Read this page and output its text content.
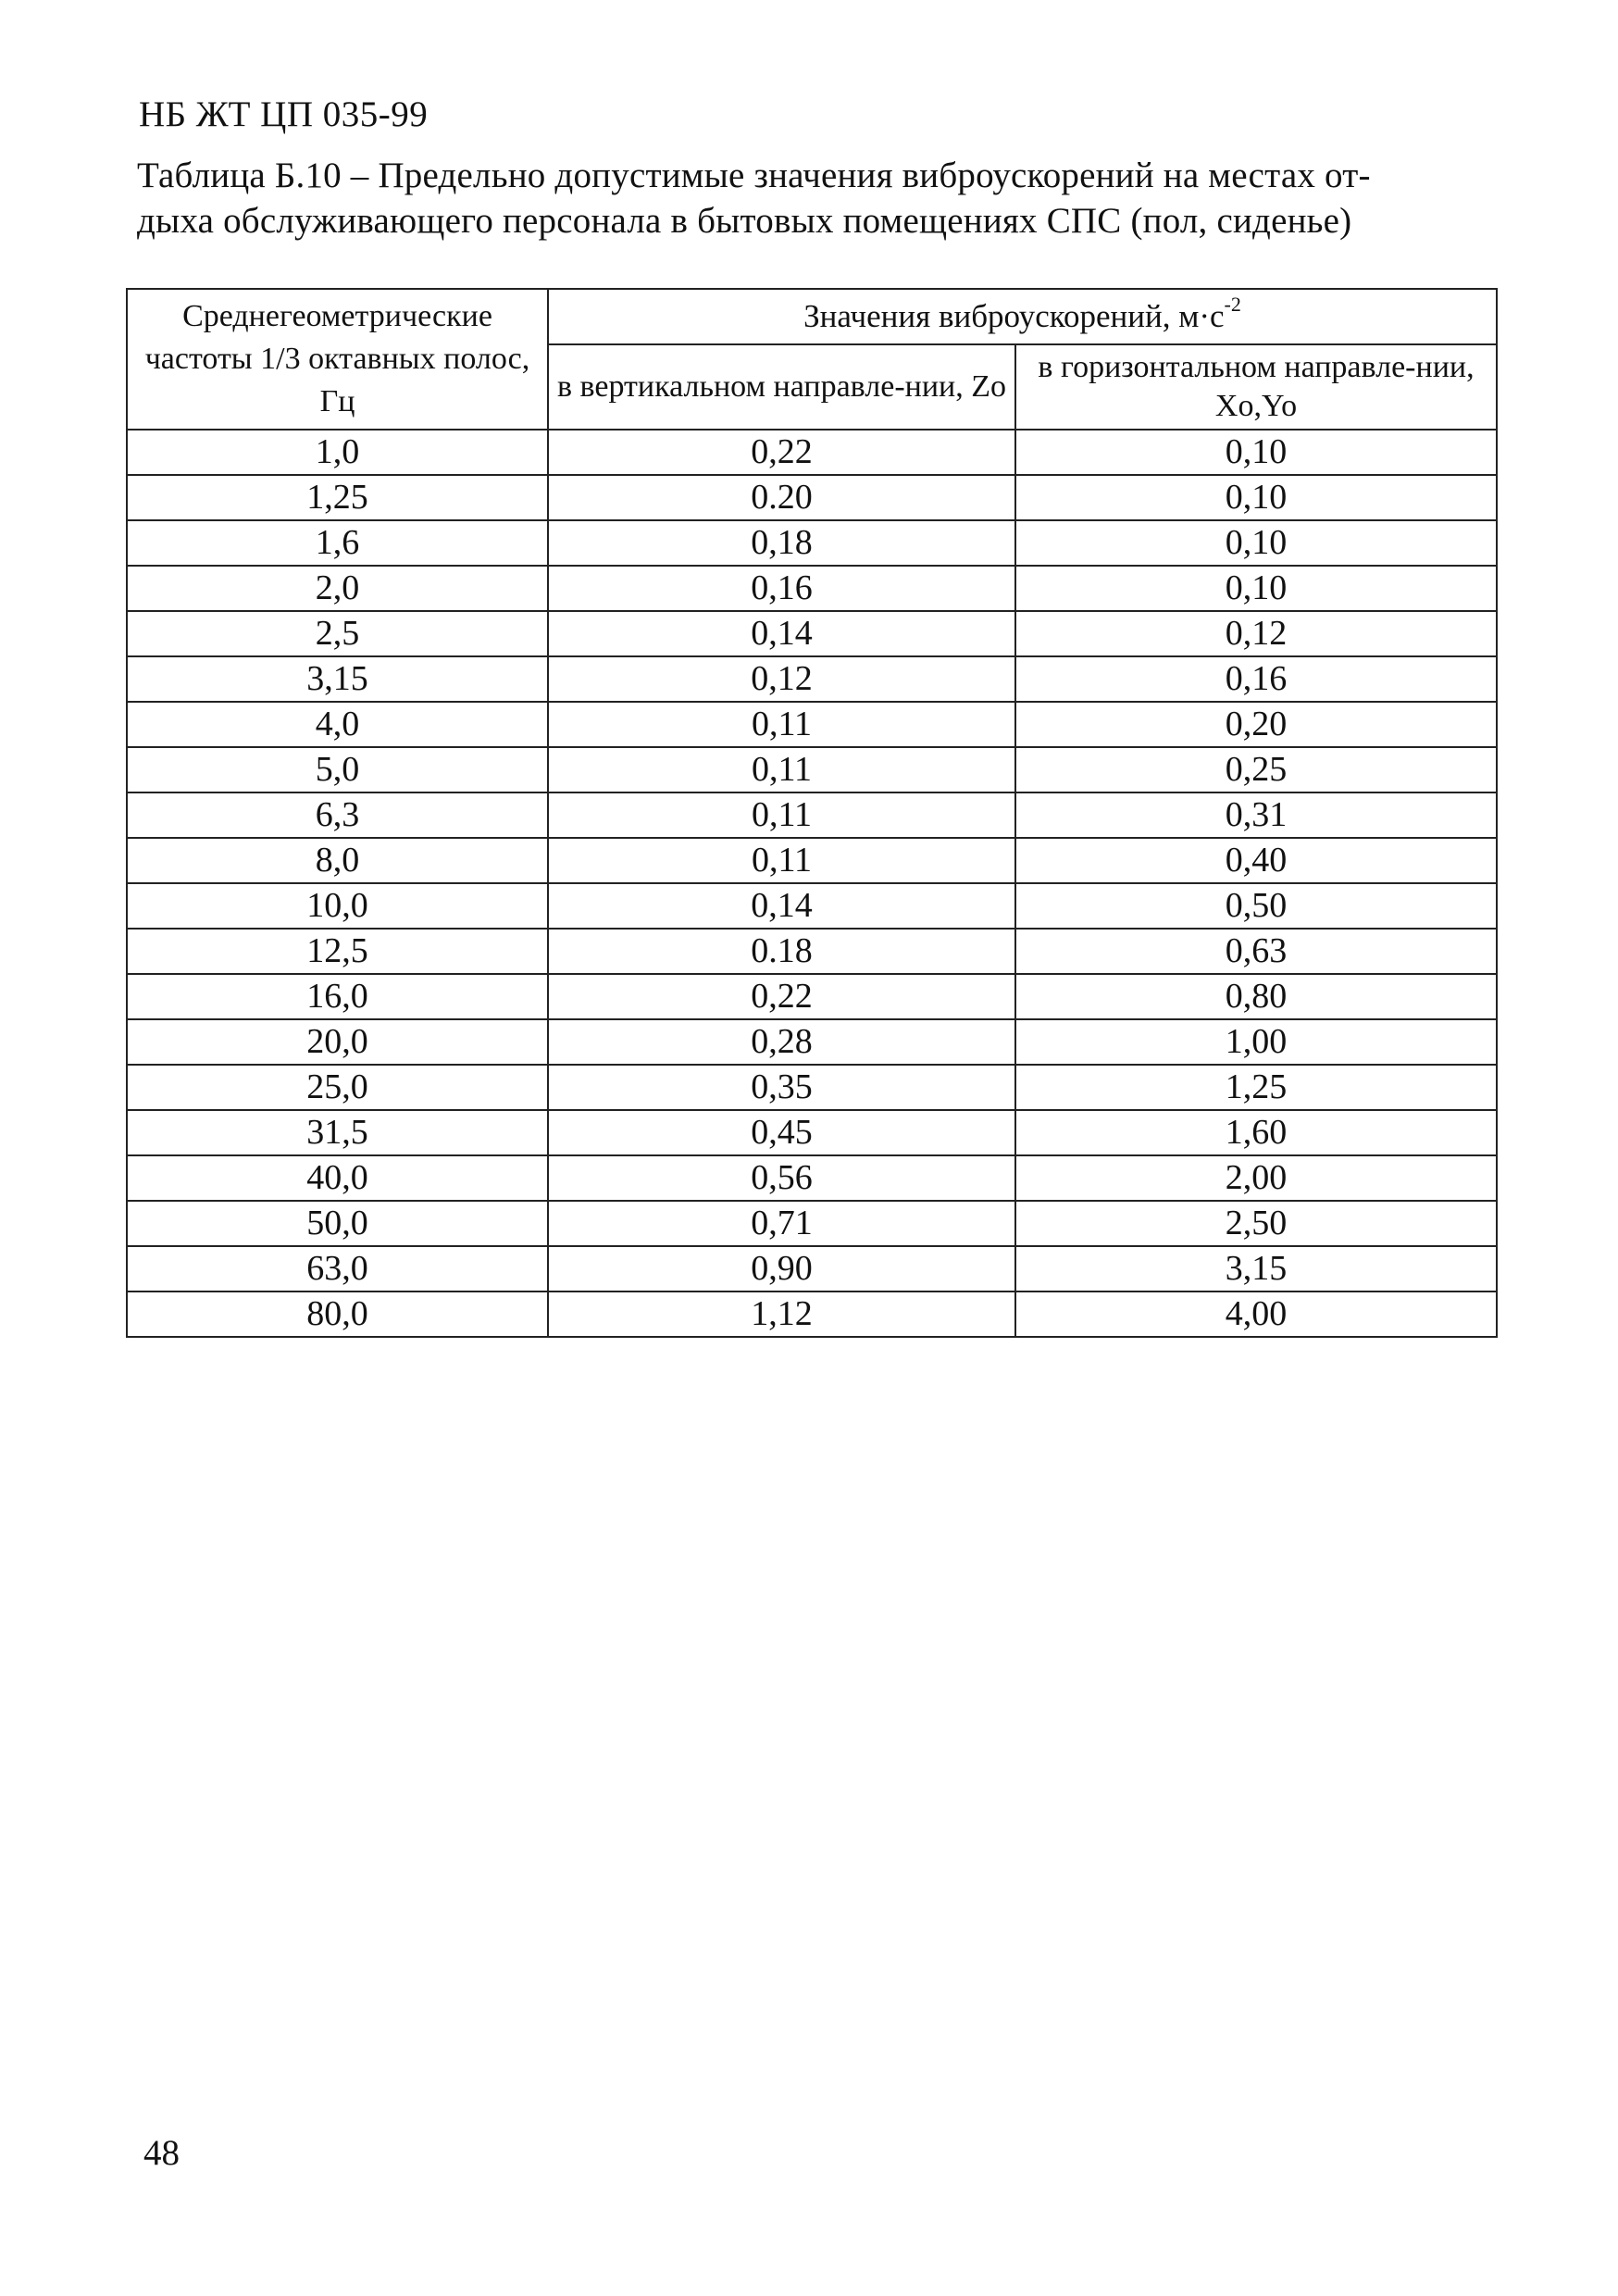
НБ ЖТ ЦП 035-99
Таблица Б.10 – Предельно допустимые значения виброускорений на местах от-
дыха обслуживающего персонала в бытовых помещениях СПС (пол, сиденье)
Среднегеометрические частоты 1/3 октавных полос, Гц	Значения виброускорений, $м\cdot с^{-2}$
	в вертикальном направле-нии, Zo	в горизонтальном направле-нии, Xo,Yo
1,0	0,22	0,10
1,25	0.20	0,10
1,6	0,18	0,10
2,0	0,16	0,10
2,5	0,14	0,12
3,15	0,12	0,16
4,0	0,11	0,20
5,0	0,11	0,25
6,3	0,11	0,31
8,0	0,11	0,40
10,0	0,14	0,50
12,5	0.18	0,63
16,0	0,22	0,80
20,0	0,28	1,00
25,0	0,35	1,25
31,5	0,45	1,60
40,0	0,56	2,00
50,0	0,71	2,50
63,0	0,90	3,15
80,0	1,12	4,00
48
